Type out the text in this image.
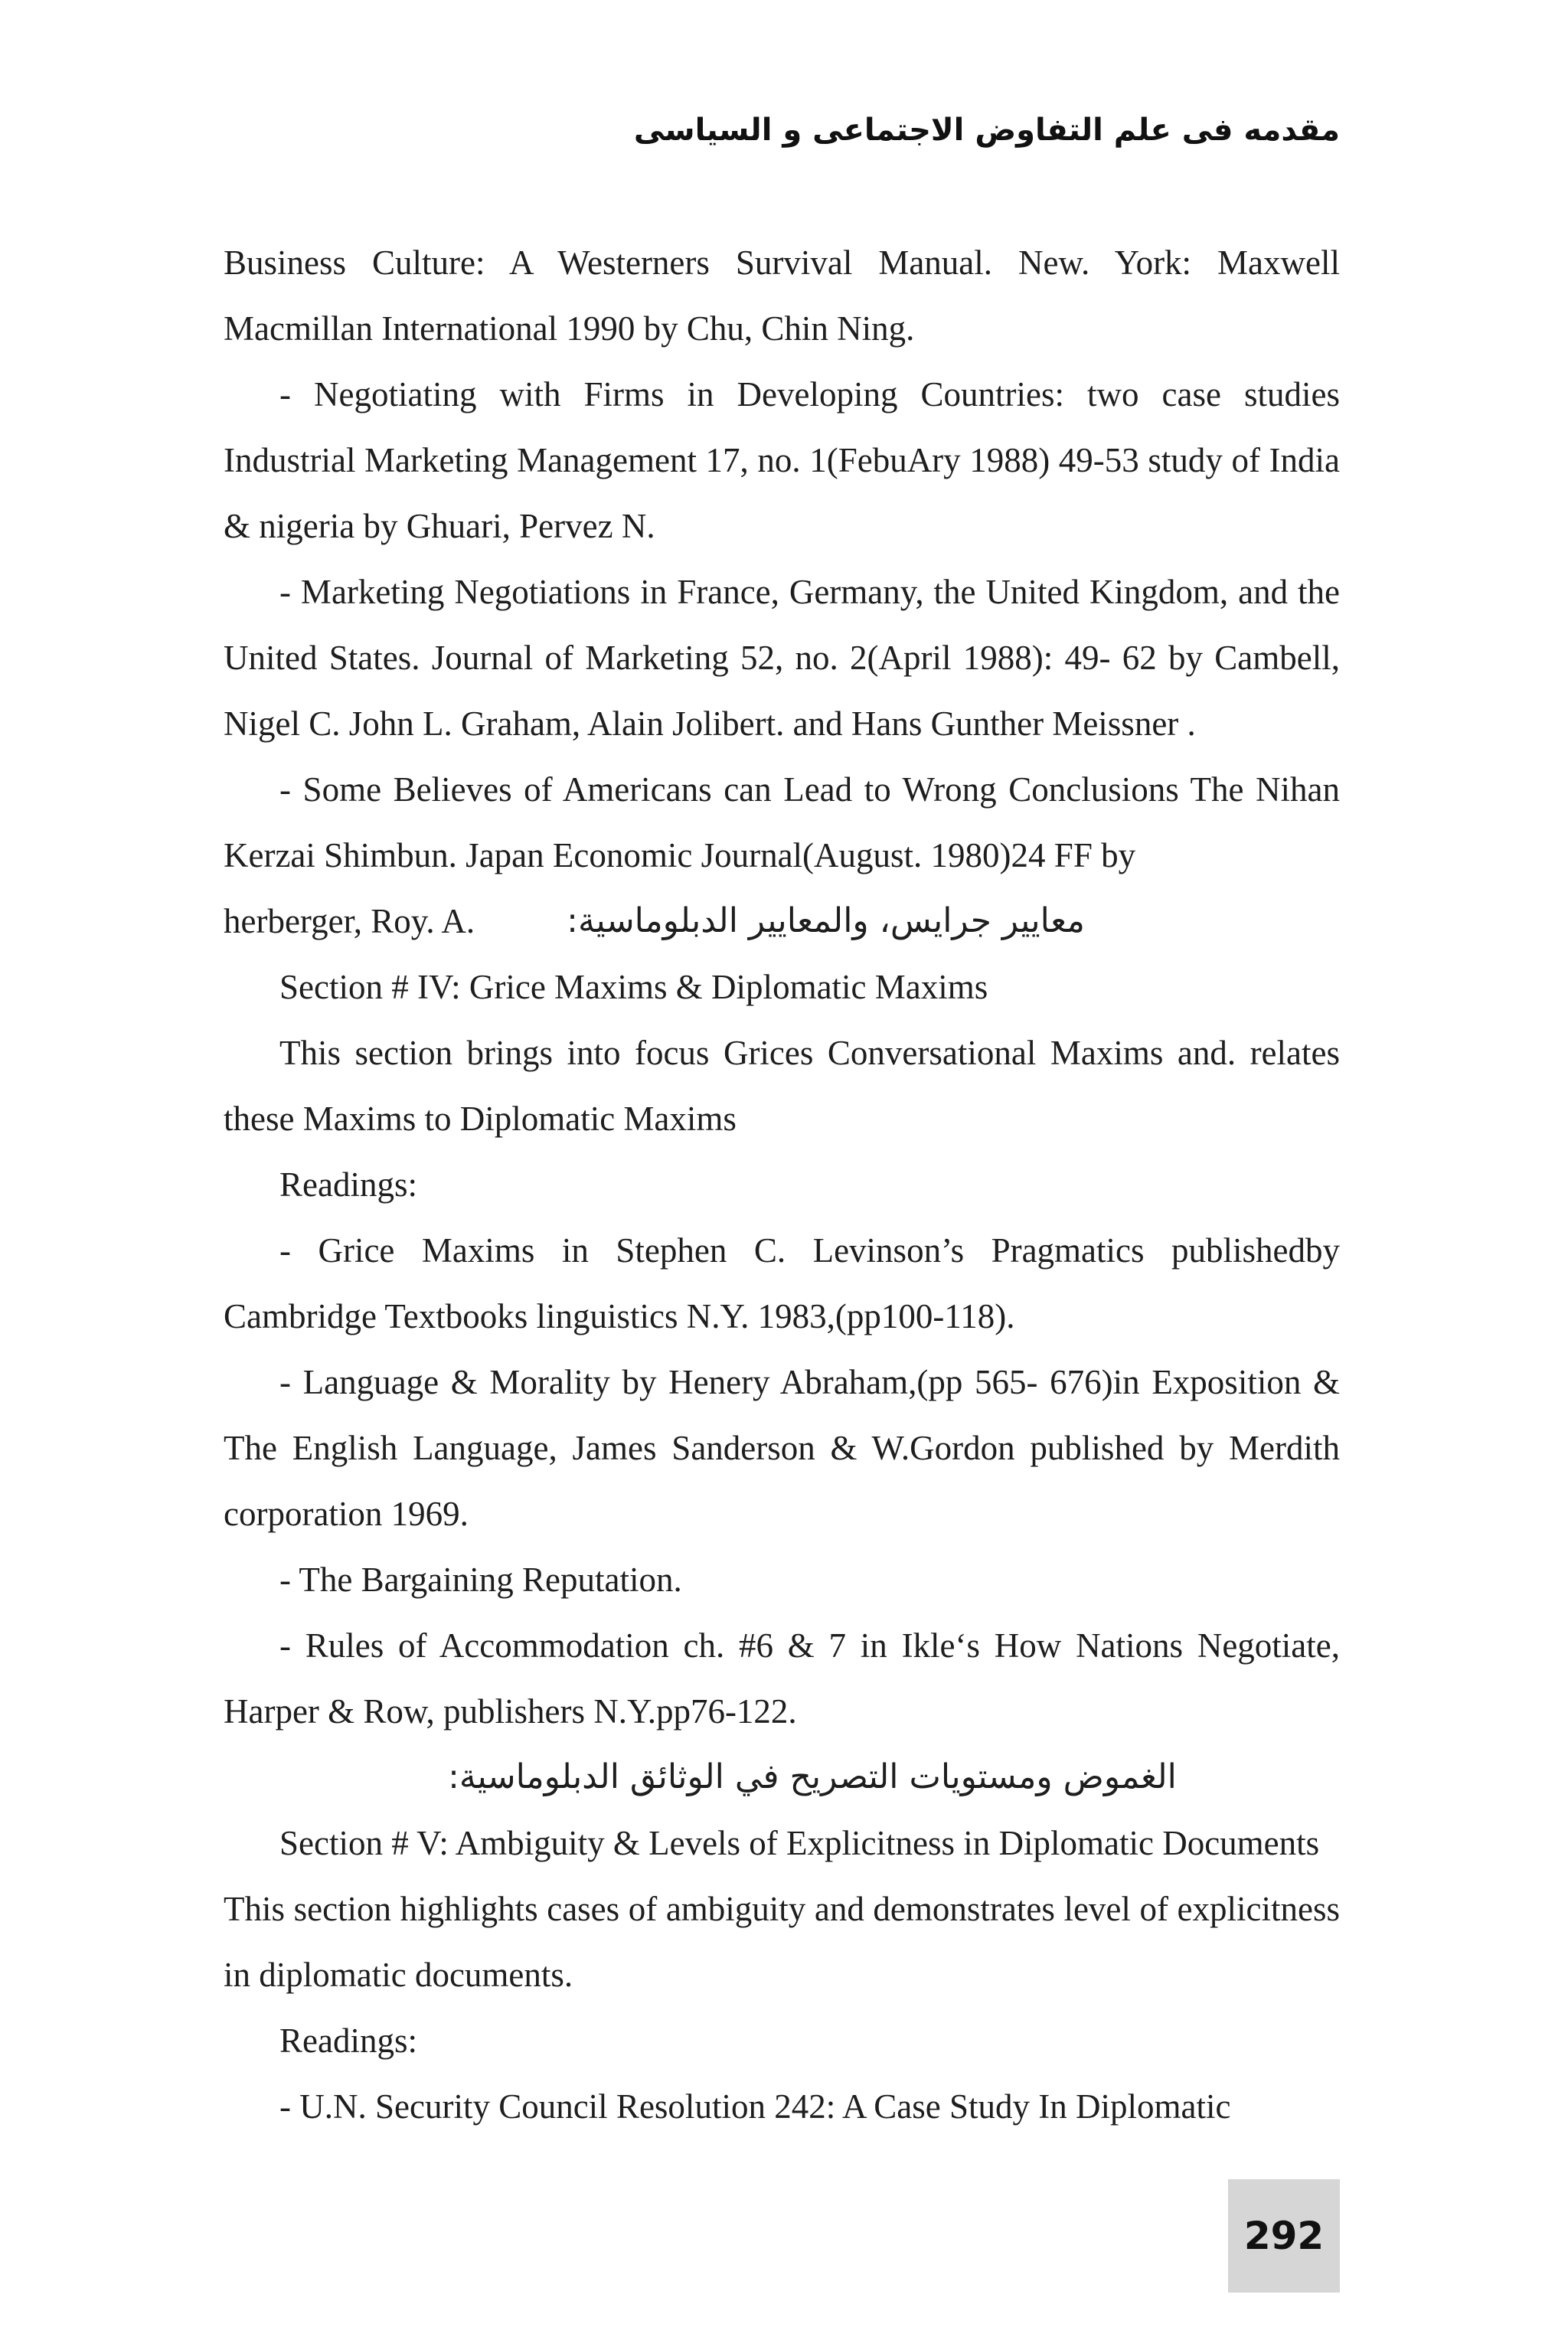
مقدمه فى علم التفاوض الاجتماعى و السياسى

Business Culture: A Westerners Survival Manual. New. York: Maxwell Macmillan International 1990 by Chu, Chin Ning.

- Negotiating with Firms in Developing Countries: two case studies Industrial Marketing Management 17, no. 1(FebuAry 1988) 49-53 study of India & nigeria by Ghuari, Pervez N.

- Marketing Negotiations in France, Germany, the United Kingdom, and the United States. Journal of Marketing 52, no. 2(April 1988): 49- 62 by Cambell, Nigel C. John L. Graham, Alain Jolibert. and Hans Gunther Meissner .

- Some Believes of Americans can Lead to Wrong Conclusions The Nihan Kerzai Shimbun. Japan Economic Journal(August. 1980)24 FF by

herberger, Roy. A.	معايير جرايس، والمعايير الدبلوماسية:

Section # IV: Grice Maxims & Diplomatic Maxims

This section brings into focus Grices Conversational Maxims and. relates these Maxims to Diplomatic Maxims

Readings:

- Grice Maxims in Stephen C. Levinson’s Pragmatics publishedby Cambridge Textbooks linguistics N.Y. 1983,(pp100-118).

- Language & Morality by Henery Abraham,(pp 565- 676)in Exposition & The English Language, James Sanderson & W.Gordon published by Merdith corporation 1969.

- The Bargaining Reputation.

- Rules of Accommodation ch. #6 & 7 in Ikle‘s How Nations Negotiate, Harper & Row, publishers N.Y.pp76-122.

الغموض ومستويات التصريح في الوثائق الدبلوماسية:

Section # V: Ambiguity & Levels of Explicitness in Diplomatic Documents

This section highlights cases of ambiguity and demonstrates level of explicitness in diplomatic documents.

Readings:

- U.N. Security Council Resolution 242: A Case Study In Diplomatic

292
